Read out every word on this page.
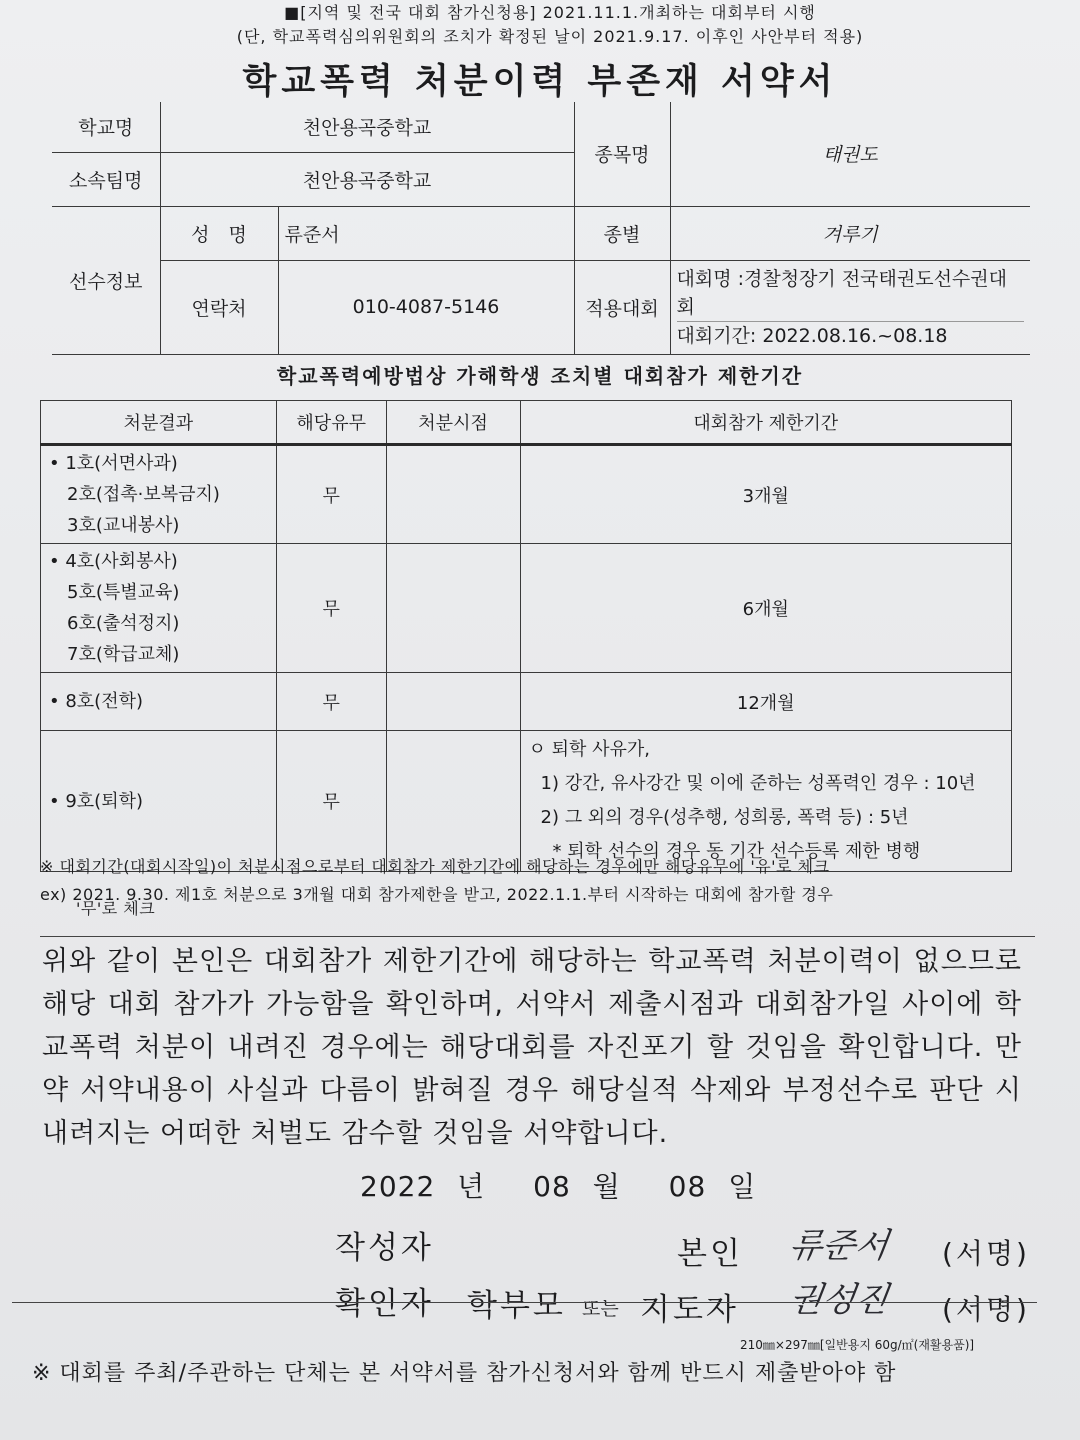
■[지역 및 전국 대회 참가신청용] 2021.11.1.개최하는 대회부터 시행
(단, 학교폭력심의위원회의 조치가 확정된 날이 2021.9.17. 이후인 사안부터 적용)
학교폭력 처분이력 부존재 서약서
학교명	천안용곡중학교		종목명	태권도
소속팀명	천안용곡중학교			
선수정보	성　명	류준서	종별	겨루기
	연락처	010-4087-5146	적용대회	대회명 :경찰청장기 전국태권도선수권대회
대회기간: 2022.08.16.~08.18
학교폭력예방법상 가해학생 조치별 대회참가 제한기간
처분결과	해당유무	처분시점	대회참가 제한기간

• 1호(서면사과)
2호(접촉·보복금지)
3호(교내봉사)	무		3개월

• 4호(사회봉사)
5호(특별교육)
6호(출석정지)
7호(학급교체)	무		6개월

• 8호(전학)	무		12개월

• 9호(퇴학)	무		ㅇ 퇴학 사유가,
1) 강간, 유사강간 및 이에 준하는 성폭력인 경우 : 10년
2) 그 외의 경우(성추행, 성희롱, 폭력 등) : 5년
* 퇴학 선수의 경우 동 기간 선수등록 제한 병행
※ 대회기간(대회시작일)이 처분시점으로부터 대회참가 제한기간에 해당하는 경우에만 해당유무에 '유'로 체크
ex) 2021. 9.30. 제1호 처분으로 3개월 대회 참가제한을 받고, 2022.1.1.부터 시작하는 대회에 참가할 경우
'무'로 체크
위와 같이 본인은 대회참가 제한기간에 해당하는 학교폭력 처분이력이 없으므로 해당 대회 참가가 가능함을 확인하며, 서약서 제출시점과 대회참가일 사이에 학교폭력 처분이 내려진 경우에는 해당대회를 자진포기 할 것임을 확인합니다. 만약 서약내용이 사실과 다름이 밝혀질 경우 해당실적 삭제와 부정선수로 판단 시 내려지는 어떠한 처벌도 감수할 것임을 서약합니다.
2022 년 08 월 08 일
작성자	본인 류준서 (서명)
확인자 학부모 또는 지도자 권성진 (서명)
210㎜×297㎜[일반용지 60g/㎡(재활용품)]
※ 대회를 주최/주관하는 단체는 본 서약서를 참가신청서와 함께 반드시 제출받아야 함
